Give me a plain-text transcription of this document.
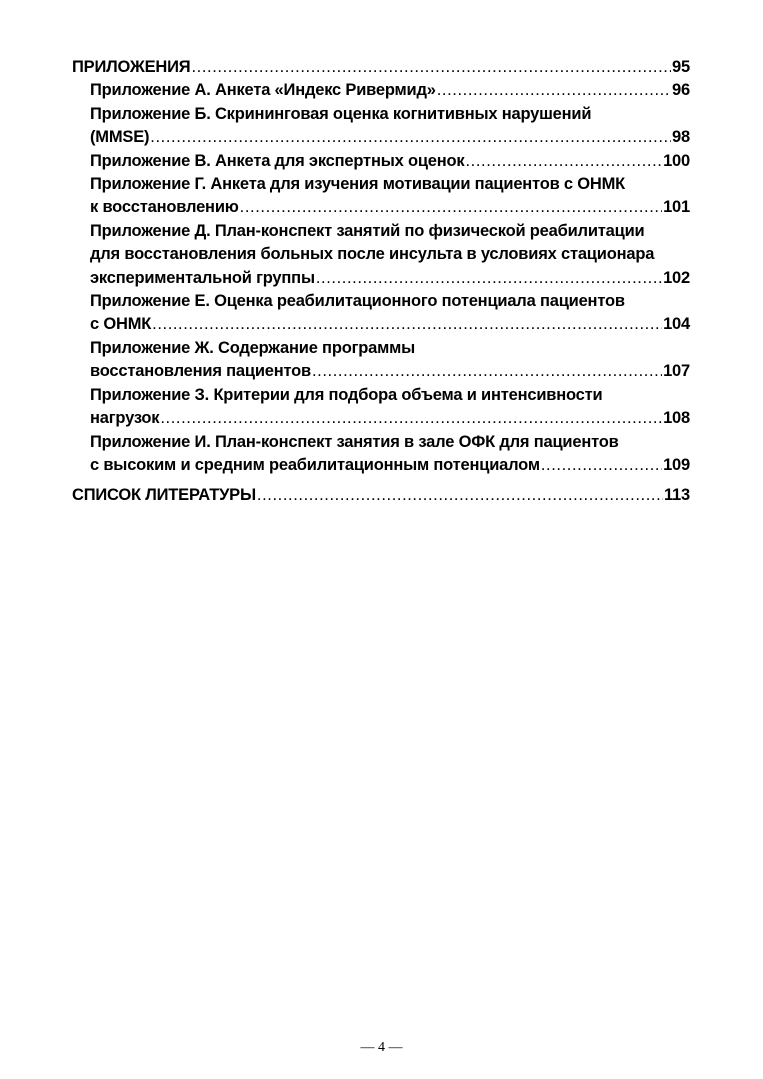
ПРИЛОЖЕНИЯ .....	95
Приложение А. Анкета «Индекс Ривермид» .....	96
Приложение Б. Скрининговая оценка когнитивных нарушений
(MMSE) .....	98
Приложение В. Анкета для экспертных оценок .....	100
Приложение Г. Анкета для изучения мотивации пациентов с ОНМК
к восстановлению .....	101
Приложение Д. План-конспект занятий по физической реабилитации
для восстановления больных после инсульта в условиях стационара
экспериментальной группы .....	102
Приложение Е. Оценка реабилитационного потенциала пациентов
с ОНМК .....	104
Приложение Ж. Содержание программы
восстановления пациентов .....	107
Приложение З. Критерии для подбора объема и интенсивности
нагрузок .....	108
Приложение И. План-конспект занятия в зале ОФК для пациентов
с высоким и средним реабилитационным потенциалом .....	109
СПИСОК ЛИТЕРАТУРЫ .....	113
— 4 —
